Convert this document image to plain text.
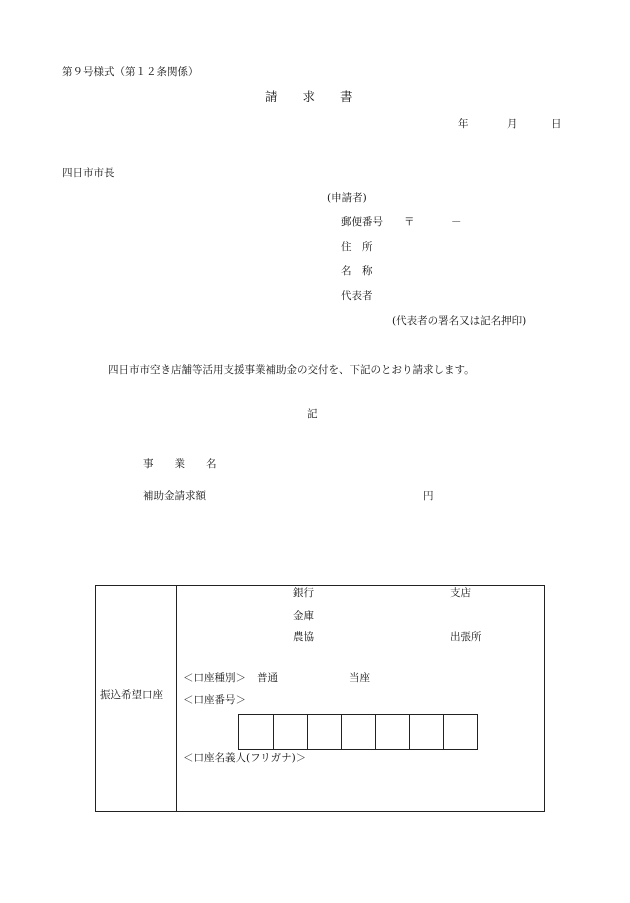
第９号様式（第１２条関係）
請　　求　　書
年	月	日
四日市市長
(申請者)
郵便番号 〒	－
住　所
名　称
代表者
(代表者の署名又は記名押印)
四日市市空き店舗等活用支援事業補助金の交付を、下記のとおり請求します。
記
事　　業　　名
補助金請求額	円
振込希望口座
銀行	支店
金庫
農協	出張所
＜口座種別＞ 普通	当座
＜口座番号＞
＜口座名義人(フリガナ)＞
